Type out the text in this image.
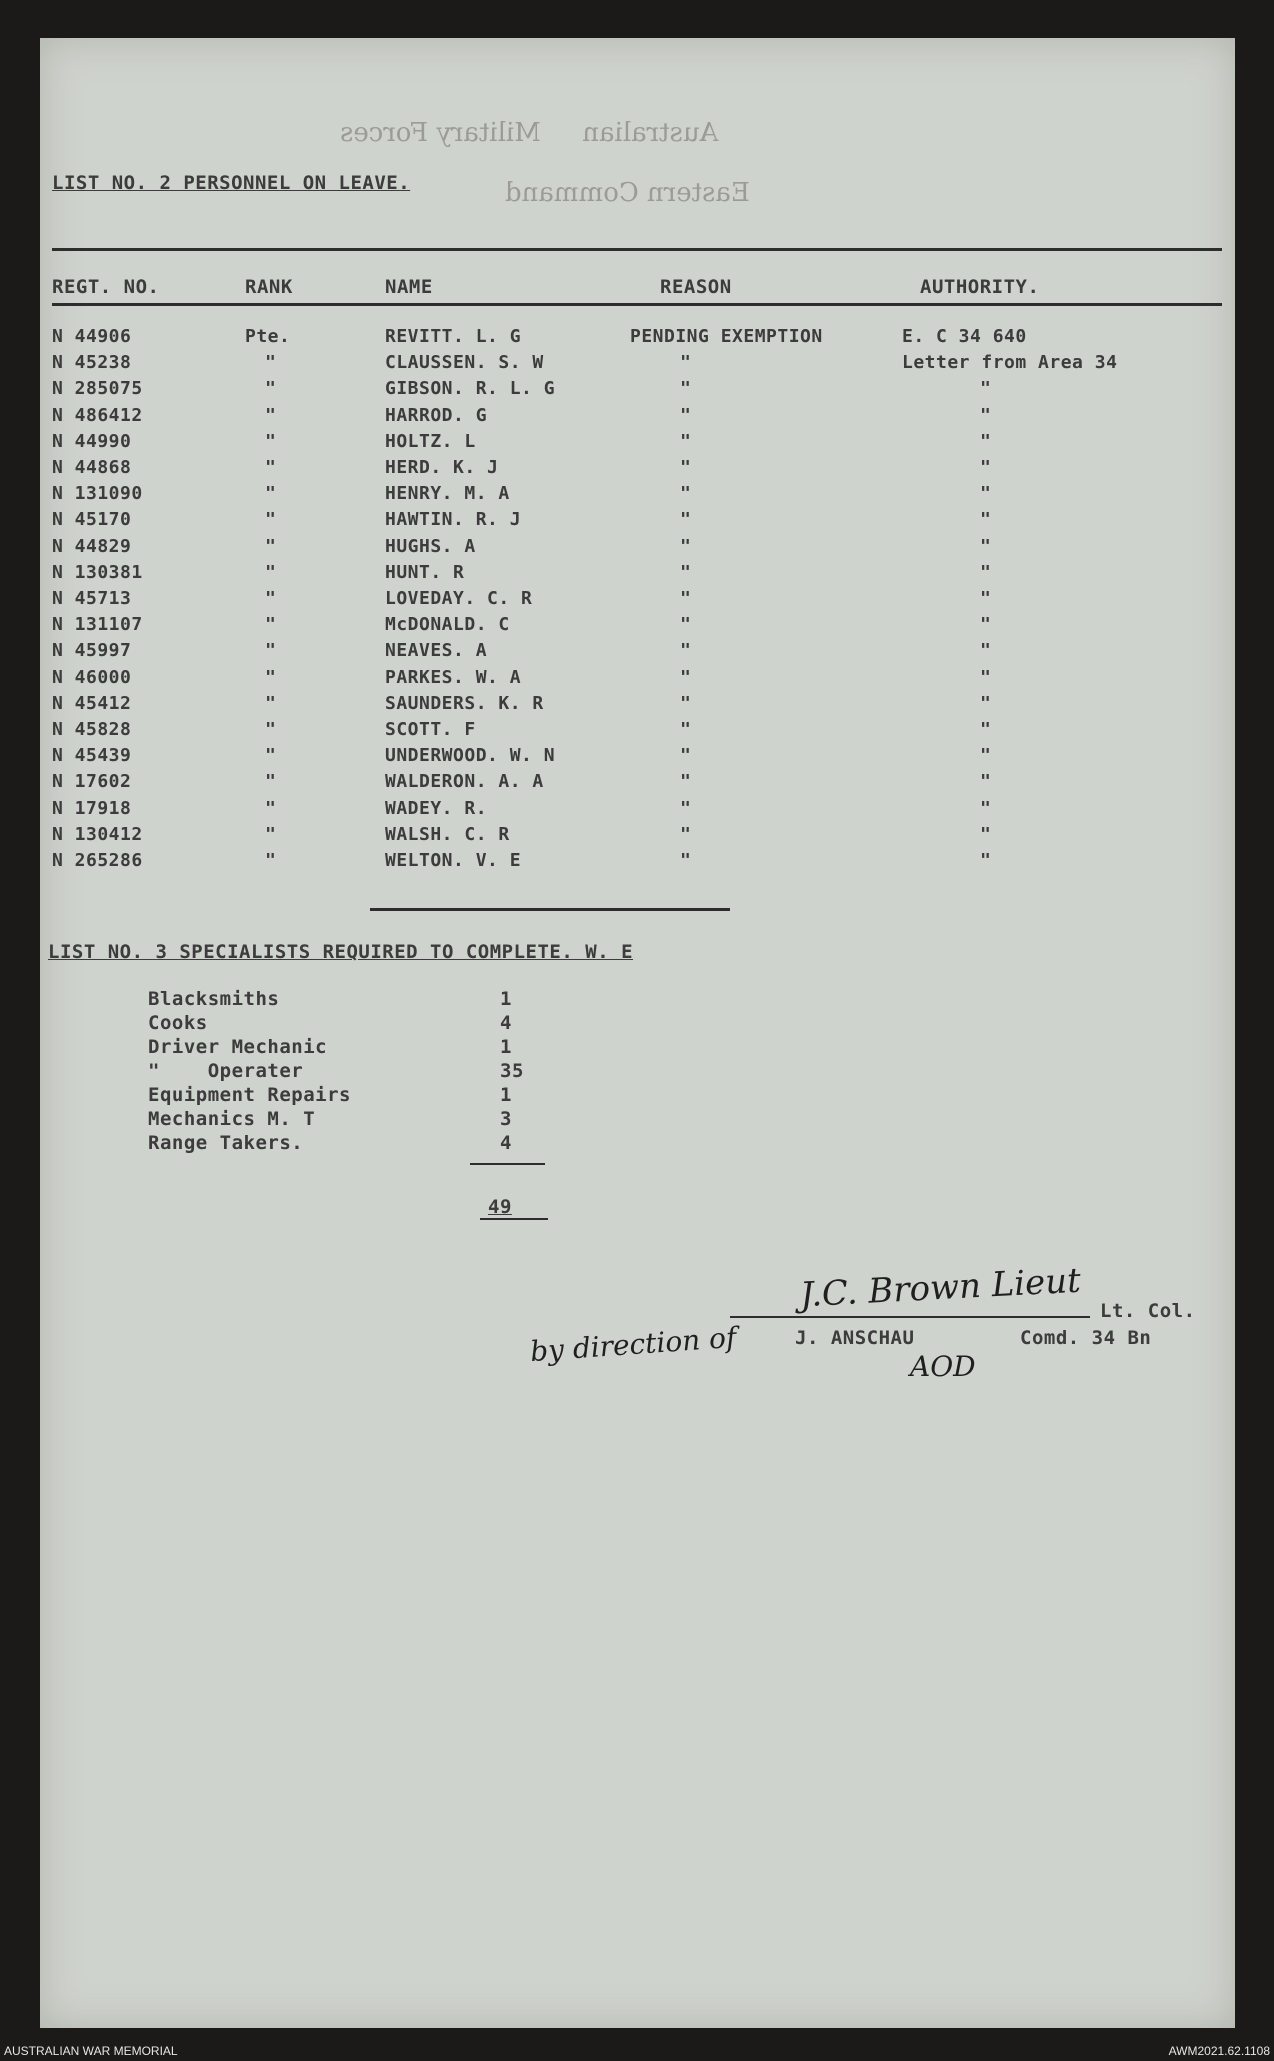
Australian     Military Forces
Eastern Command
LIST NO. 2 PERSONNEL ON LEAVE.
REGT. NO.	RANK	NAME	REASON	AUTHORITY.
N 44906	Pte.	REVITT. L. G	PENDING EXEMPTION	E. C 34 640
N 45238	"	CLAUSSEN. S. W	"	Letter from Area 34
N 285075	"	GIBSON. R. L. G	"	"
N 486412	"	HARROD. G	"	"
N 44990	"	HOLTZ. L	"	"
N 44868	"	HERD. K. J	"	"
N 131090	"	HENRY. M. A	"	"
N 45170	"	HAWTIN. R. J	"	"
N 44829	"	HUGHS. A	"	"
N 130381	"	HUNT. R	"	"
N 45713	"	LOVEDAY. C. R	"	"
N 131107	"	McDONALD. C	"	"
N 45997	"	NEAVES. A	"	"
N 46000	"	PARKES. W. A	"	"
N 45412	"	SAUNDERS. K. R	"	"
N 45828	"	SCOTT. F	"	"
N 45439	"	UNDERWOOD. W. N	"	"
N 17602	"	WALDERON. A. A	"	"
N 17918	"	WADEY. R.	"	"
N 130412	"	WALSH. C. R	"	"
N 265286	"	WELTON. V. E	"	"
LIST NO. 3 SPECIALISTS REQUIRED TO COMPLETE. W. E
Blacksmiths	1
Cooks	4
Driver Mechanic	1
"    Operater	35
Equipment Repairs	1
Mechanics M. T	3
Range Takers.	4
49
Lt. Col.
J. ANSCHAU	Comd. 34 Bn
by direction of
J.C. Brown Lieut
AOD
AUSTRALIAN WAR MEMORIAL	AWM2021.62.1108
